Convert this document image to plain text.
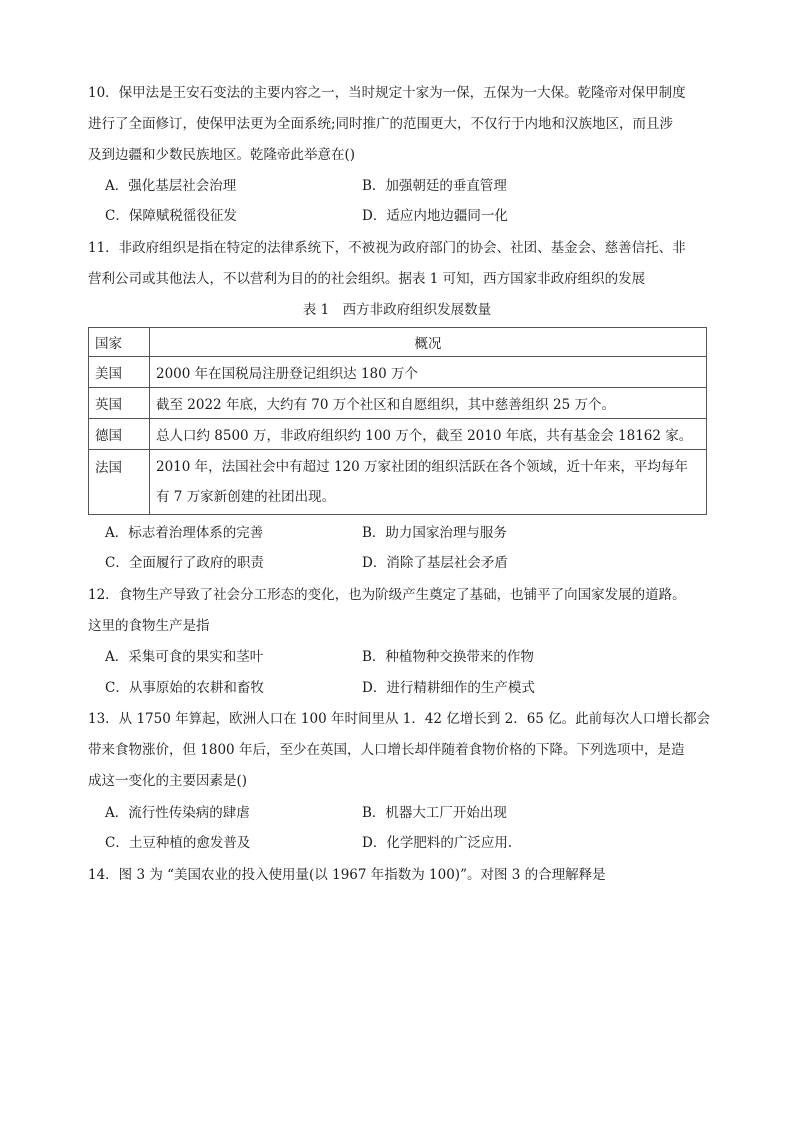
10．保甲法是王安石变法的主要内容之一，当时规定十家为一保，五保为一大保。乾隆帝对保甲制度
进行了全面修订，使保甲法更为全面系统;同时推广的范围更大，不仅行于内地和汉族地区，而且涉
及到边疆和少数民族地区。乾隆帝此举意在()
A．强化基层社会治理	B．加强朝廷的垂直管理
C．保障赋税徭役征发	D．适应内地边疆同一化
11．非政府组织是指在特定的法律系统下，不被视为政府部门的协会、社团、基金会、慈善信托、非
营利公司或其他法人，不以营利为目的的社会组织。据表 1 可知，西方国家非政府组织的发展
表 1　西方非政府组织发展数量
国家	概况
美国	2000 年在国税局注册登记组织达 180 万个
英国	截至 2022 年底，大约有 70 万个社区和自愿组织，其中慈善组织 25 万个。
德国	总人口约 8500 万，非政府组织约 100 万个，截至 2010 年底，共有基金会 18162 家。
法国	2010 年，法国社会中有超过 120 万家社团的组织活跃在各个领域，近十年来，平均每年有 7 万家新创建的社团出现。
A．标志着治理体系的完善	B．助力国家治理与服务
C．全面履行了政府的职责	D．消除了基层社会矛盾
12．食物生产导致了社会分工形态的变化，也为阶级产生奠定了基础，也铺平了向国家发展的道路。
这里的食物生产是指
A．采集可食的果实和茎叶	B．种植物种交换带来的作物
C．从事原始的农耕和畜牧	D．进行精耕细作的生产模式
13．从 1750 年算起，欧洲人口在 100 年时间里从 1．42 亿增长到 2．65 亿。此前每次人口增长都会
带来食物涨价，但 1800 年后，至少在英国，人口增长却伴随着食物价格的下降。下列选项中，是造
成这一变化的主要因素是()
A．流行性传染病的肆虐	B．机器大工厂开始出现
C．土豆种植的愈发普及	D．化学肥料的广泛应用.
14．图 3 为 “美国农业的投入使用量(以 1967 年指数为 100)”。对图 3 的合理解释是
